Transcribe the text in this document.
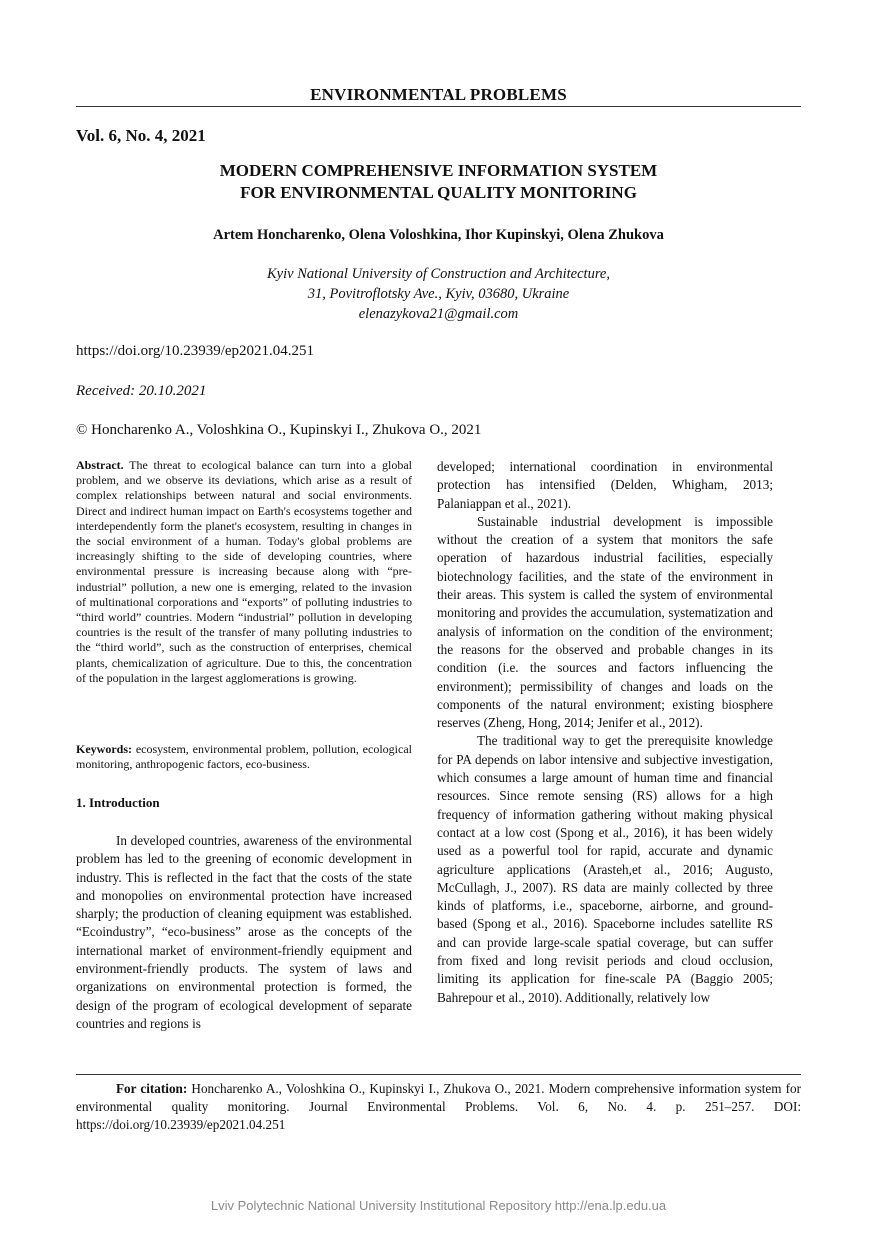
ENVIRONMENTAL PROBLEMS
Vol. 6, No. 4, 2021
MODERN COMPREHENSIVE INFORMATION SYSTEM
FOR ENVIRONMENTAL QUALITY MONITORING
Artem Honcharenko, Olena Voloshkina, Ihor Kupinskyi, Olena Zhukova
Kyiv National University of Construction and Architecture,
31, Povitroflotsky Ave., Kyiv, 03680, Ukraine
elenazykova21@gmail.com
https://doi.org/10.23939/ep2021.04.251
Received: 20.10.2021
© Honcharenko A., Voloshkina O., Kupinskyi I., Zhukova O., 2021

Abstract. The threat to ecological balance can turn into a global problem, and we observe its deviations, which arise as a result of complex relationships between natural and social environments. Direct and indirect human impact on Earth's ecosystems together and interdependently form the planet's ecosystem, resulting in changes in the social environment of a human. Today's global problems are increasingly shifting to the side of developing countries, where environmental pressure is increasing because along with “pre-industrial” pollution, a new one is emerging, related to the invasion of multinational corporations and “exports” of polluting industries to “third world” countries. Modern “industrial” pollution in developing countries is the result of the transfer of many polluting industries to the “third world”, such as the construction of enterprises, chemical plants, chemicalization of agriculture. Due to this, the concentration of the population in the largest agglomerations is growing.

Keywords: ecosystem, environmental problem, pollution, ecological monitoring, anthropogenic factors, eco-business.

1. Introduction

In developed countries, awareness of the environmental problem has led to the greening of economic development in industry. This is reflected in the fact that the costs of the state and monopolies on environmental protection have increased sharply; the production of cleaning equipment was established. “Ecoindustry”, “eco-business” arose as the concepts of the international market of environment-friendly equipment and environment-friendly products. The system of laws and organizations on environmental protection is formed, the design of the program of ecological development of separate countries and regions is

developed; international coordination in environmental protection has intensified (Delden, Whigham, 2013; Palaniappan et al., 2021).

Sustainable industrial development is impossible without the creation of a system that monitors the safe operation of hazardous industrial facilities, especially biotechnology facilities, and the state of the environment in their areas. This system is called the system of environmental monitoring and provides the accumulation, systematization and analysis of information on the condition of the environment; the reasons for the observed and probable changes in its condition (i.e. the sources and factors influencing the environment); permissibility of changes and loads on the components of the natural environment; existing biosphere reserves (Zheng, Hong, 2014; Jenifer et al., 2012).

The traditional way to get the prerequisite knowledge for PA depends on labor intensive and subjective investigation, which consumes a large amount of human time and financial resources. Since remote sensing (RS) allows for a high frequency of information gathering without making physical contact at a low cost (Spong et al., 2016), it has been widely used as a powerful tool for rapid, accurate and dynamic agriculture applications (Arasteh,et al., 2016; Augusto, McCullagh, J., 2007). RS data are mainly collected by three kinds of platforms, i.e., spaceborne, airborne, and ground-based (Spong et al., 2016). Spaceborne includes satellite RS and can provide large-scale spatial coverage, but can suffer from fixed and long revisit periods and cloud occlusion, limiting its application for fine-scale PA (Baggio 2005; Bahrepour et al., 2010). Additionally, relatively low

For citation: Honcharenko A., Voloshkina O., Kupinskyi I., Zhukova O., 2021. Modern comprehensive information system for environmental quality monitoring. Journal Environmental Problems. Vol. 6, No. 4. p. 251–257. DOI: https://doi.org/10.23939/ep2021.04.251
Lviv Polytechnic National University Institutional Repository http://ena.lp.edu.ua
